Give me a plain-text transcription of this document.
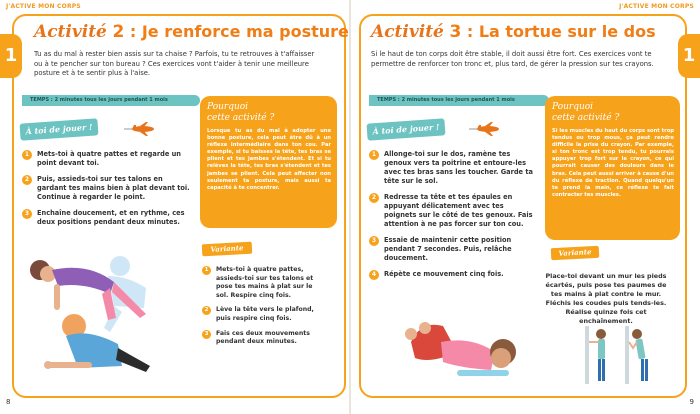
J'ACTIVE MON CORPS
1
Activité 2 : Je renforce ma posture
Tu as du mal à rester bien assis sur ta chaise ? Parfois, tu te retrouves à t'affaisser ou à te pencher sur ton bureau ? Ces exercices vont t'aider à tenir une meilleure posture et à te sentir plus à l'aise.
TEMPS : 2 minutes tous les jours pendant 1 mois
À toi de jouer !
1	Mets-toi à quatre pattes et regarde un point devant toi.
2	Puis, assieds-toi sur tes talons en gardant tes mains bien à plat devant toi. Continue à regarder le point.
3	Enchaîne doucement, et en rythme, ces deux positions pendant deux minutes.
Pourquoi
cette activité ?
Lorsque tu as du mal à adopter une bonne posture, cela peut être dû à un réflexe intermédiaire dans ton cou. Par exemple, si tu baisses la tête, tes bras se plient et tes jambes s'étendent. Et si tu relèves la tête, tes bras s'étendent et tes jambes se plient. Cela peut affecter non seulement ta posture, mais aussi ta capacité à te concentrer.
Variante
1	Mets-toi à quatre pattes, assieds-toi sur tes talons et pose tes mains à plat sur le sol. Respire cinq fois.
2	Lève la tête vers le plafond, puis respire cinq fois.
3	Fais ces deux mouvements pendant deux minutes.
8
J'ACTIVE MON CORPS
1
Activité 3 : La tortue sur le dos
Si le haut de ton corps doit être stable, il doit aussi être fort. Ces exercices vont te permettre de renforcer ton tronc et, plus tard, de gérer la pression sur tes crayons.
TEMPS : 2 minutes tous les jours pendant 1 mois
À toi de jouer !
1	Allonge-toi sur le dos, ramène tes genoux vers ta poitrine et entoure-les avec tes bras sans les toucher. Garde ta tête sur le sol.
2	Redresse ta tête et tes épaules en appuyant délicatement avec tes poignets sur le côté de tes genoux. Fais attention à ne pas forcer sur ton cou.
3	Essaie de maintenir cette position pendant 7 secondes. Puis, relâche doucement.
4	Répète ce mouvement cinq fois.
Pourquoi
cette activité ?
Si les muscles du haut du corps sont trop tendus ou trop mous, ça peut rendre difficile la prise du crayon. Par exemple, si ton tronc est trop tendu, tu pourrais appuyer trop fort sur le crayon, ce qui pourrait causer des douleurs dans le bras. Cela peut aussi arriver à cause d'un du réflexe de traction. Quand quelqu'un te prend la main, ce réflexe te fait contracter tes muscles.
Variante
Place-toi devant un mur les pieds écartés, puis pose tes paumes de tes mains à plat contre le mur. Fléchis les coudes puis tends-les. Réalise quinze fois cet enchaînement.
9
